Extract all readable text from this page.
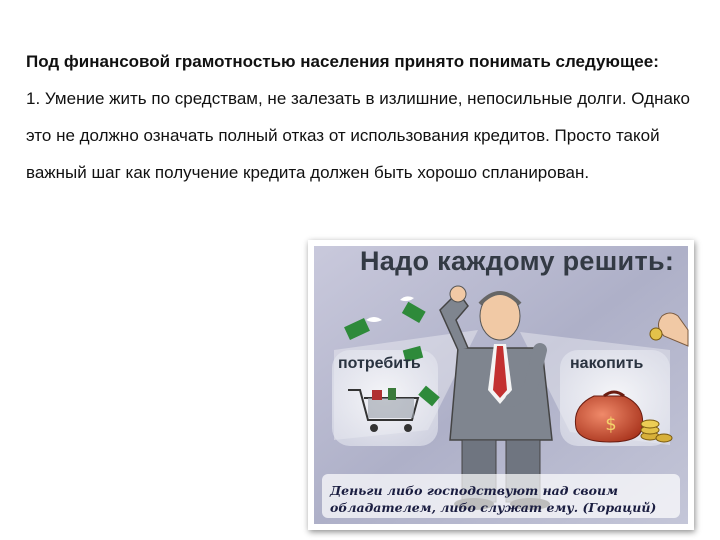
Под финансовой грамотностью населения принято понимать следующее:

1. Умение жить по средствам, не залезать в излишние, непосильные долги. Однако это не должно означать полный отказ от использования кредитов. Просто такой важный шаг как получение кредита должен быть хорошо спланирован.

$
Надо каждому решить:
потребить	накопить
Деньги либо господствуют над своим обладателем, либо служат ему. (Гораций)
